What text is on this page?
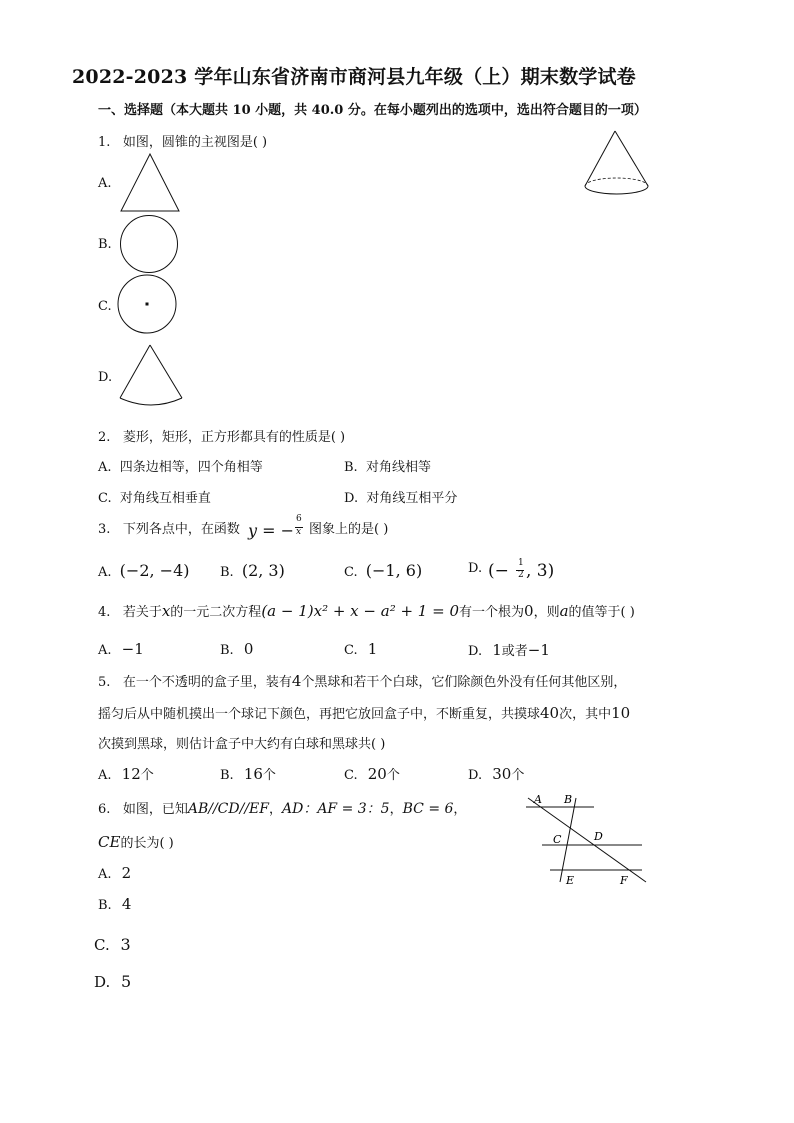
2022-2023 学年山东省济南市商河县九年级（上）期末数学试卷
一、选择题（本大题共 10 小题，共 40.0 分。在每小题列出的选项中，选出符合题目的一项）
1. 如图，圆锥的主视图是( )
A.
B.
C.
D.
2. 菱形，矩形，正方形都具有的性质是( )
A. 四条边相等，四个角相等	B. 对角线相等
C. 对角线互相垂直	D. 对角线互相平分
3. 下列各点中，在函数 y = −
6
x 图象上的是( )
A. (−2, −4) B. (2, 3)	C. (−1, 6)	D. (− 1
2 , 3)
4. 若关于x的一元二次方程(a − 1)x² + x − a² + 1 = 0有一个根为0，则a的值等于( )
A. −1	B. 0	C. 1	D. 1或者−1
5. 在一个不透明的盒子里，装有4个黑球和若干个白球，它们除颜色外没有任何其他区别，
摇匀后从中随机摸出一个球记下颜色，再把它放回盒子中，不断重复，共摸球40次，其中10
次摸到黑球，则估计盒子中大约有白球和黑球共( )
A. 12个	B. 16个	C. 20个	D. 30个
6. 如图，已知AB//CD//EF，AD：AF = 3：5，BC = 6，
CE的长为( )
A B
C	D
E	F
A. 2
B. 4
C. 3
D. 5
